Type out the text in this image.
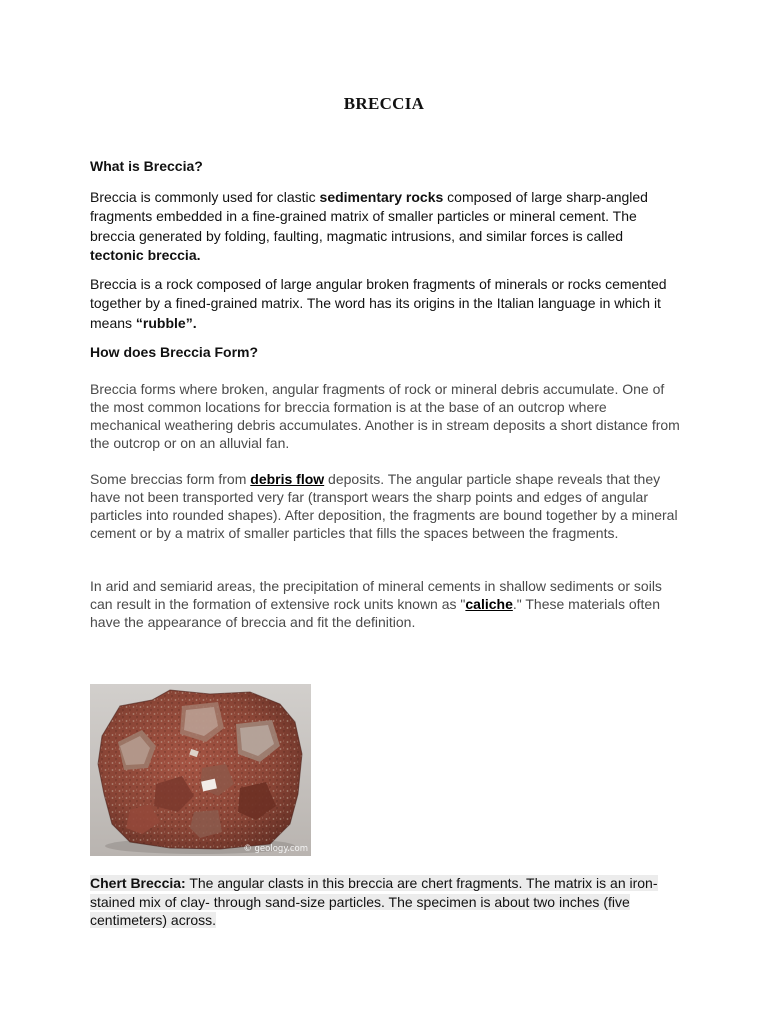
BRECCIA
What is Breccia?
Breccia is commonly used for clastic sedimentary rocks composed of large sharp-angled fragments embedded in a fine-grained matrix of smaller particles or mineral cement. The breccia generated by folding, faulting, magmatic intrusions, and similar forces is called tectonic breccia.
Breccia is a rock composed of large angular broken fragments of minerals or rocks cemented together by a fined-grained matrix. The word has its origins in the Italian language in which it means “rubble”.
How does Breccia Form?
Breccia forms where broken, angular fragments of rock or mineral debris accumulate. One of the most common locations for breccia formation is at the base of an outcrop where mechanical weathering debris accumulates. Another is in stream deposits a short distance from the outcrop or on an alluvial fan.
Some breccias form from debris flow deposits. The angular particle shape reveals that they have not been transported very far (transport wears the sharp points and edges of angular particles into rounded shapes). After deposition, the fragments are bound together by a mineral cement or by a matrix of smaller particles that fills the spaces between the fragments.
In arid and semiarid areas, the precipitation of mineral cements in shallow sediments or soils can result in the formation of extensive rock units known as "caliche." These materials often have the appearance of breccia and fit the definition.
© geology.com
Chert Breccia: The angular clasts in this breccia are chert fragments. The matrix is an iron-stained mix of clay- through sand-size particles. The specimen is about two inches (five centimeters) across.
